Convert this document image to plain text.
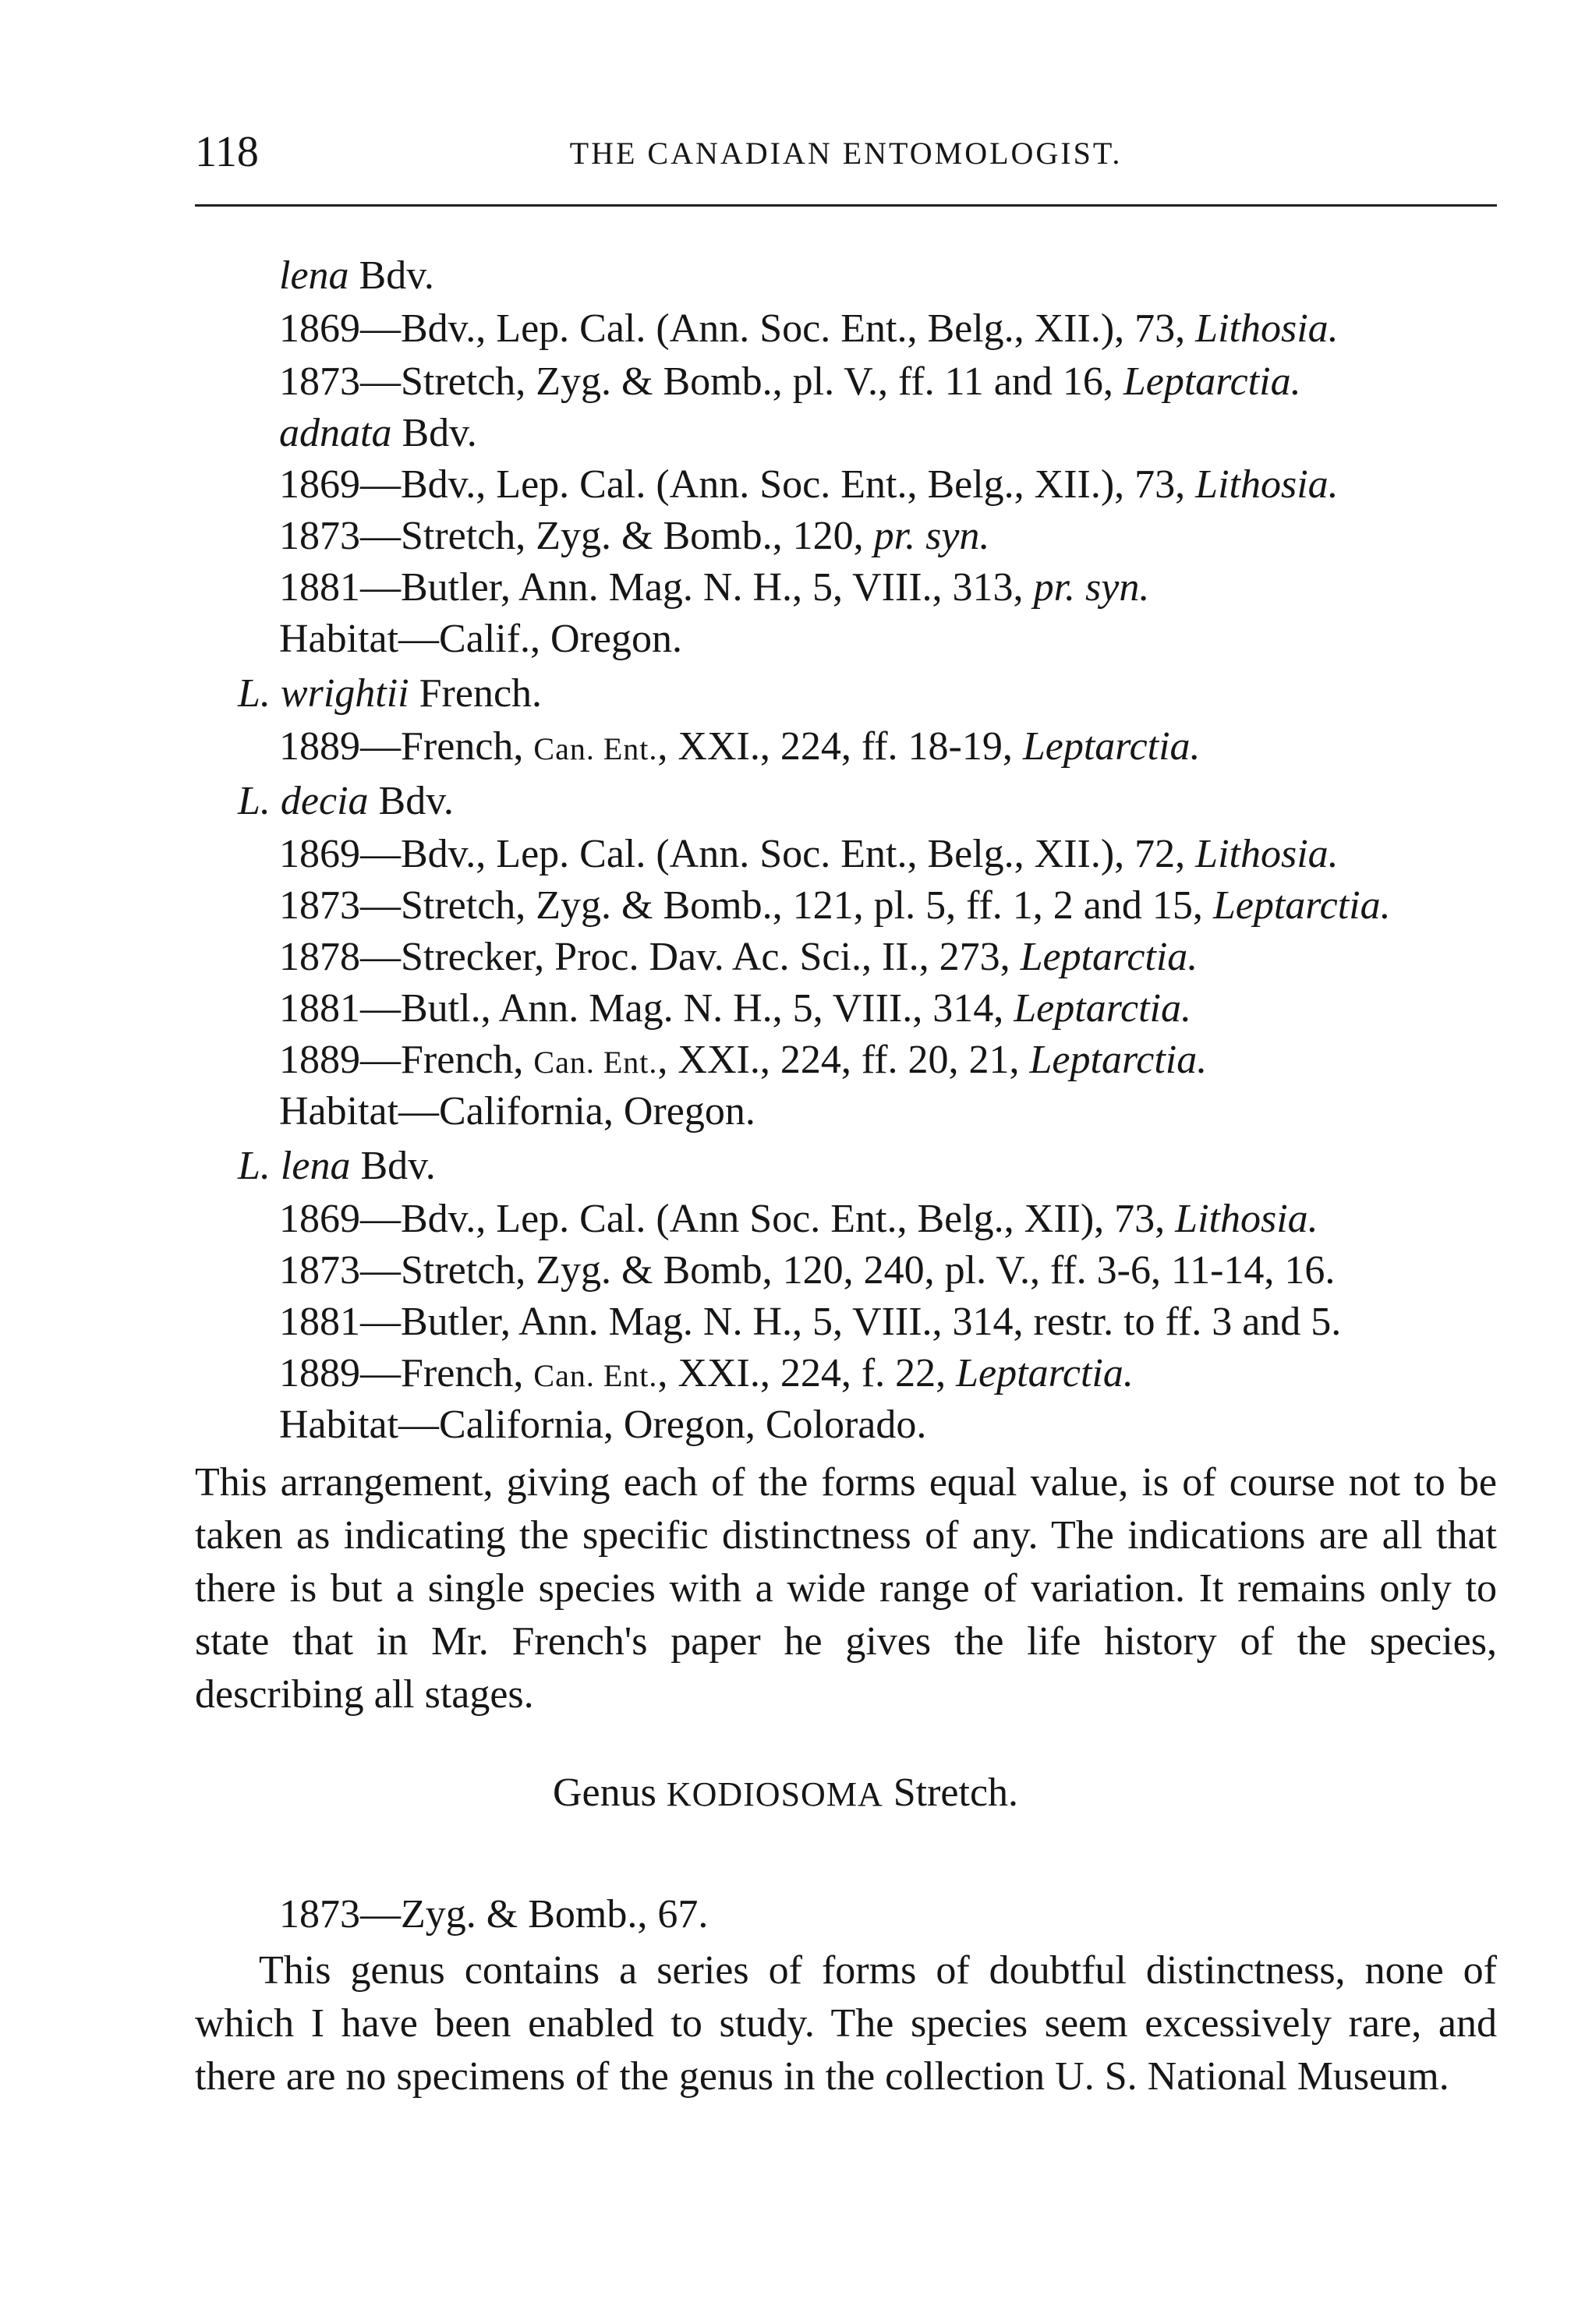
118	THE CANADIAN ENTOMOLOGIST.
lena Bdv.
1869—Bdv., Lep. Cal. (Ann. Soc. Ent., Belg., XII.), 73, Lithosia.
1873—Stretch, Zyg. & Bomb., pl. V., ff. 11 and 16, Leptarctia.
adnata Bdv.
1869—Bdv., Lep. Cal. (Ann. Soc. Ent., Belg., XII.), 73, Lithosia.
1873—Stretch, Zyg. & Bomb., 120, pr. syn.
1881—Butler, Ann. Mag. N. H., 5, VIII., 313, pr. syn.
Habitat—Calif., Oregon.
L. wrightii French.
1889—French, Can. Ent., XXI., 224, ff. 18-19, Leptarctia.
L. decia Bdv.
1869—Bdv., Lep. Cal. (Ann. Soc. Ent., Belg., XII.), 72, Lithosia.
1873—Stretch, Zyg. & Bomb., 121, pl. 5, ff. 1, 2 and 15, Leptarctia.
1878—Strecker, Proc. Dav. Ac. Sci., II., 273, Leptarctia.
1881—Butl., Ann. Mag. N. H., 5, VIII., 314, Leptarctia.
1889—French, Can. Ent., XXI., 224, ff. 20, 21, Leptarctia.
Habitat—California, Oregon.
L. lena Bdv.
1869—Bdv., Lep. Cal. (Ann Soc. Ent., Belg., XII), 73, Lithosia.
1873—Stretch, Zyg. & Bomb, 120, 240, pl. V., ff. 3-6, 11-14, 16.
1881—Butler, Ann. Mag. N. H., 5, VIII., 314, restr. to ff. 3 and 5.
1889—French, Can. Ent., XXI., 224, f. 22, Leptarctia.
Habitat—California, Oregon, Colorado.
This arrangement, giving each of the forms equal value, is of course not to be taken as indicating the specific distinctness of any. The indications are all that there is but a single species with a wide range of variation. It remains only to state that in Mr. French's paper he gives the life history of the species, describing all stages.
Genus KODIOSOMA Stretch.
1873—Zyg. & Bomb., 67.
This genus contains a series of forms of doubtful distinctness, none of which I have been enabled to study. The species seem excessively rare, and there are no specimens of the genus in the collection U. S. National Museum.
